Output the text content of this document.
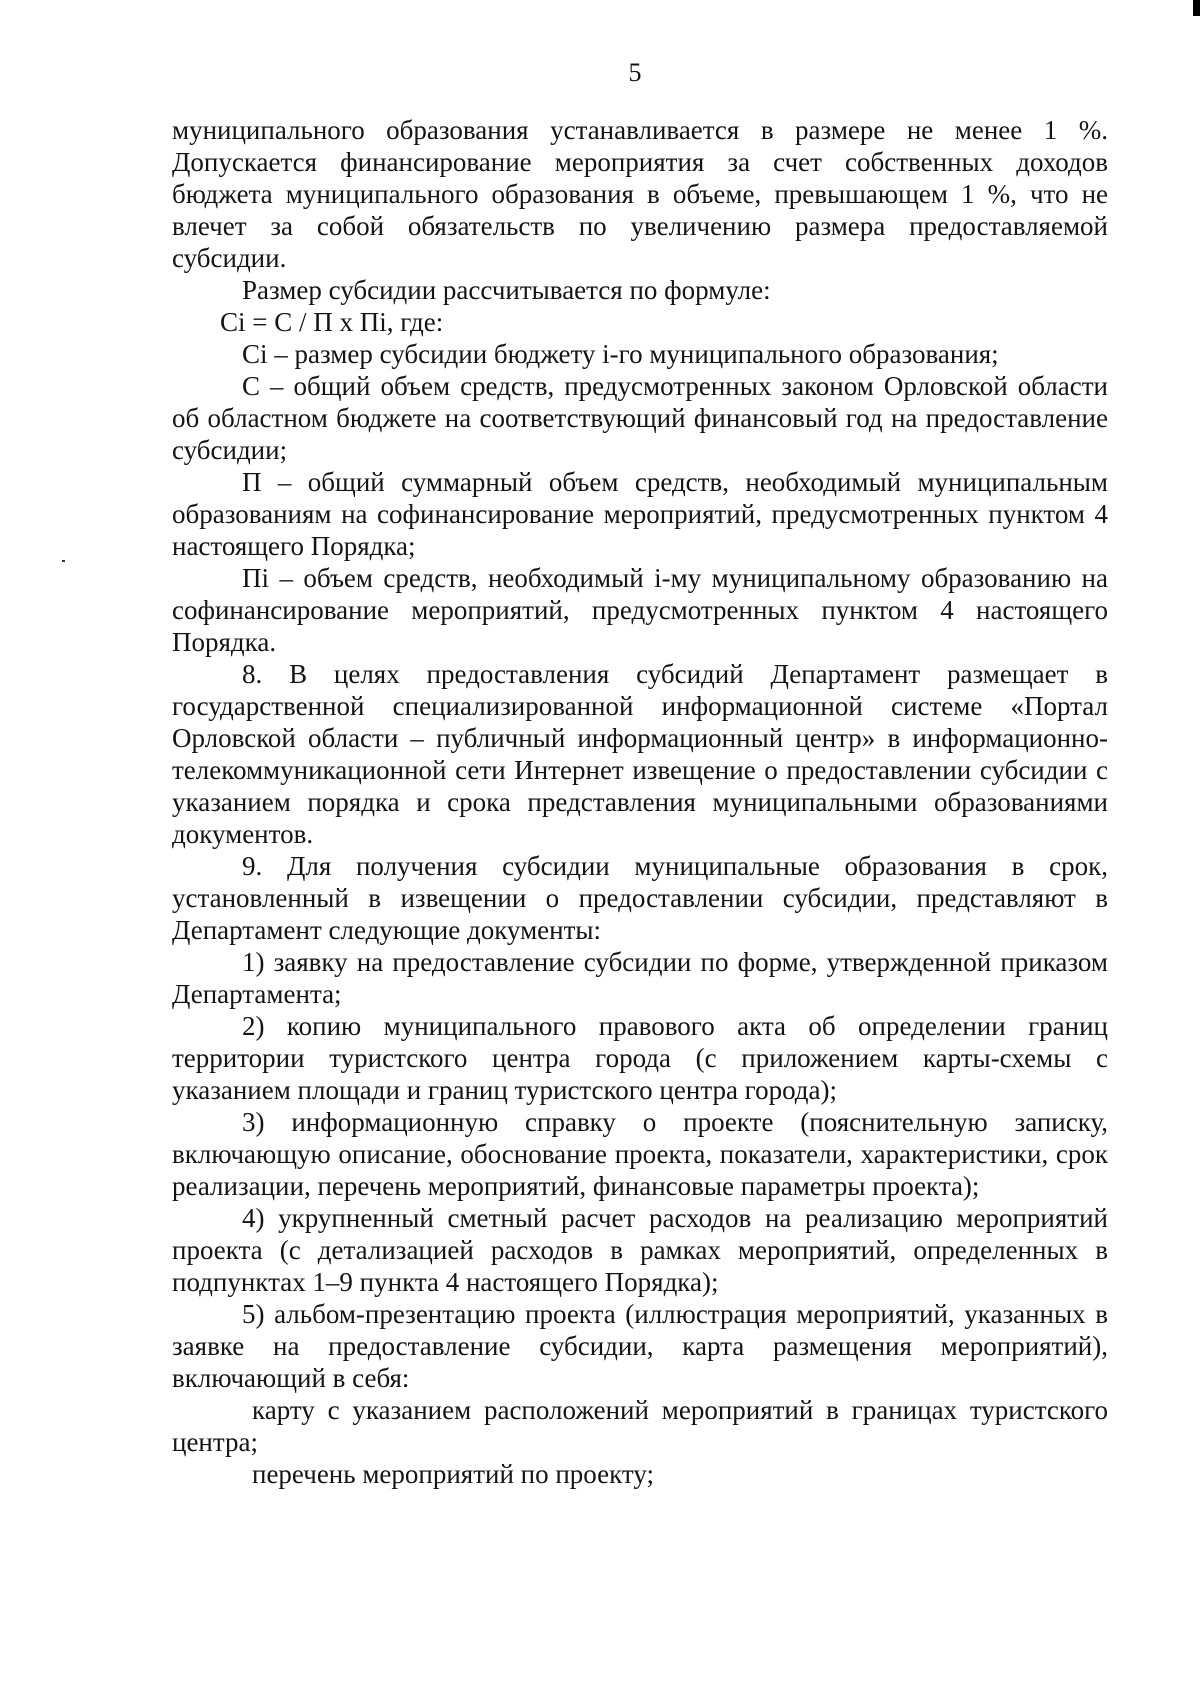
5

муниципального образования устанавливается в размере не менее 1 %. Допускается финансирование мероприятия за счет собственных доходов бюджета муниципального образования в объеме, превышающем 1 %, что не влечет за собой обязательств по увеличению размера предоставляемой субсидии.

Размер субсидии рассчитывается по формуле:

Сi = С / П х Пi, где:

Сi – размер субсидии бюджету i-го муниципального образования;

С – общий объем средств, предусмотренных законом Орловской области об областном бюджете на соответствующий финансовый год на предоставление субсидии;

П – общий суммарный объем средств, необходимый муниципальным образованиям на софинансирование мероприятий, предусмотренных пунктом 4 настоящего Порядка;

Пi – объем средств, необходимый i-му муниципальному образованию на софинансирование мероприятий, предусмотренных пунктом 4 настоящего Порядка.

8. В целях предоставления субсидий Департамент размещает в государственной специализированной информационной системе «Портал Орловской области – публичный информационный центр» в информационно-телекоммуникационной сети Интернет извещение о предоставлении субсидии с указанием порядка и срока представления муниципальными образованиями документов.

9. Для получения субсидии муниципальные образования в срок, установленный в извещении о предоставлении субсидии, представляют в Департамент следующие документы:

1) заявку на предоставление субсидии по форме, утвержденной приказом Департамента;

2) копию муниципального правового акта об определении границ территории туристского центра города (с приложением карты-схемы с указанием площади и границ туристского центра города);

3) информационную справку о проекте (пояснительную записку, включающую описание, обоснование проекта, показатели, характеристики, срок реализации, перечень мероприятий, финансовые параметры проекта);

4) укрупненный сметный расчет расходов на реализацию мероприятий проекта (с детализацией расходов в рамках мероприятий, определенных в подпунктах 1–9 пункта 4 настоящего Порядка);

5) альбом-презентацию проекта (иллюстрация мероприятий, указанных в заявке на предоставление субсидии, карта размещения мероприятий), включающий в себя:

карту с указанием расположений мероприятий в границах туристского центра;

перечень мероприятий по проекту;
